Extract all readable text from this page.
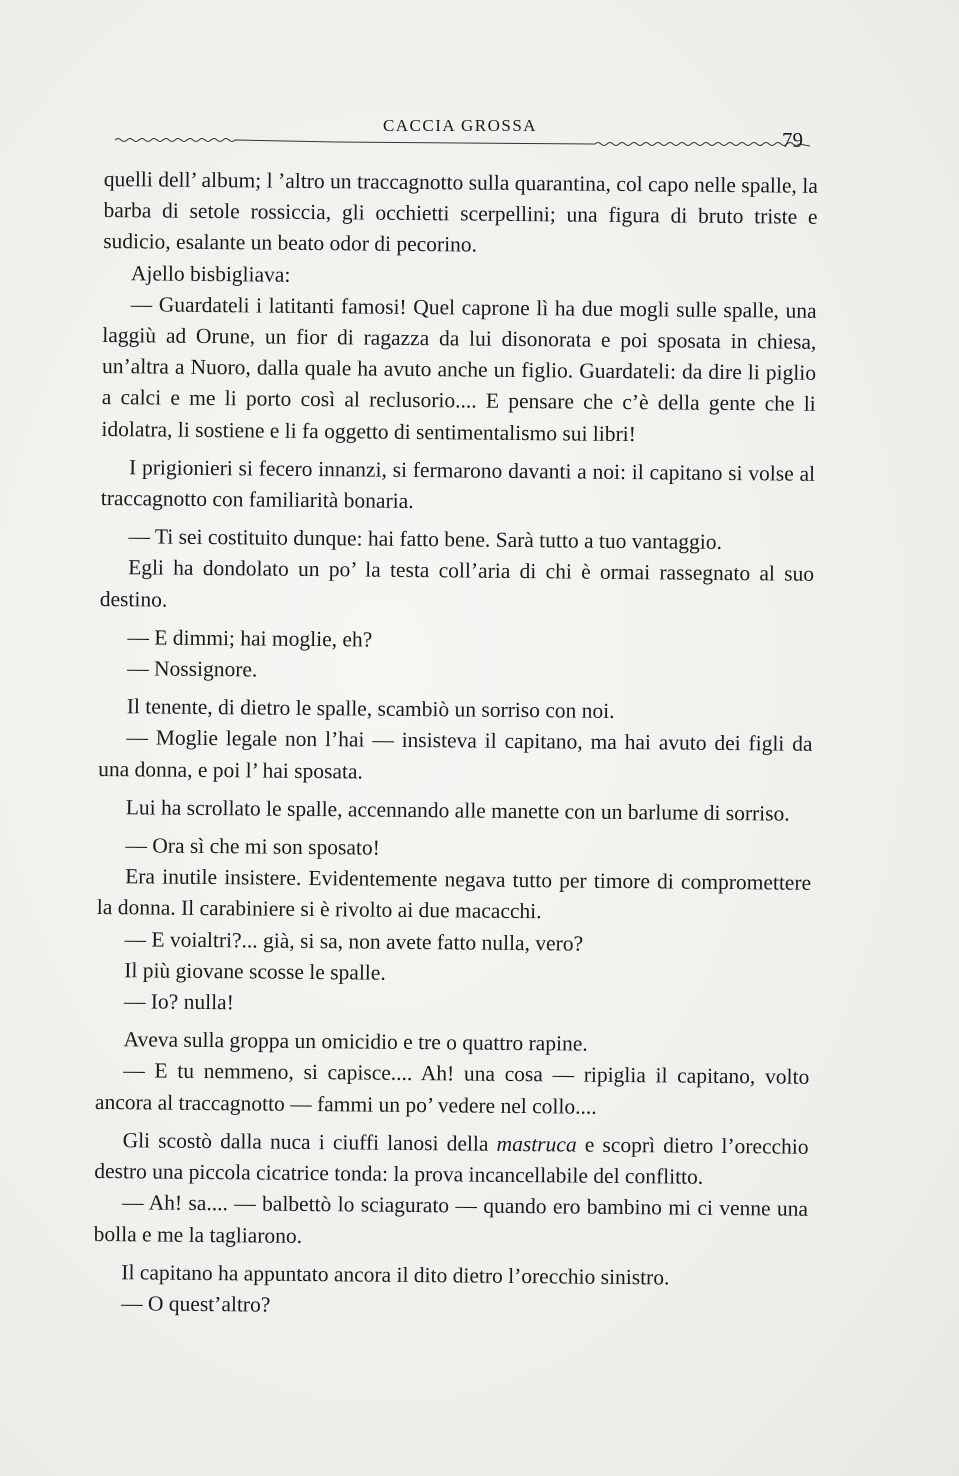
CACCIA GROSSA
79

quelli dell’ album; l ’altro un traccagnotto sulla quarantina, col capo nelle spalle, la barba di setole rossiccia, gli occhietti scerpellini; una figura di bruto triste e sudicio, esalante un beato odor di pecorino.

Ajello bisbigliava:

— Guardateli i latitanti famosi! Quel caprone lì ha due mogli sulle spalle, una laggiù ad Orune, un fior di ragazza da lui disonorata e poi sposata in chiesa, un’altra a Nuoro, dalla quale ha avuto anche un figlio. Guardateli: da dire li piglio a calci e me li porto così al reclusorio.... E pensare che c’è della gente che li idolatra, li sostiene e li fa oggetto di sentimentalismo sui libri!

I prigionieri si fecero innanzi, si fermarono davanti a noi: il capitano si volse al traccagnotto con familiarità bonaria.

— Ti sei costituito dunque: hai fatto bene. Sarà tutto a tuo vantaggio.

Egli ha dondolato un po’ la testa coll’aria di chi è ormai rassegnato al suo destino.

— E dimmi; hai moglie, eh?

— Nossignore.

Il tenente, di dietro le spalle, scambiò un sorriso con noi.

— Moglie legale non l’hai — insisteva il capitano, ma hai avuto dei figli da una donna, e poi l’ hai sposata.

Lui ha scrollato le spalle, accennando alle manette con un barlume di sorriso.

— Ora sì che mi son sposato!

Era inutile insistere. Evidentemente negava tutto per timore di compromettere la donna. Il carabiniere si è rivolto ai due macacchi.

— E voialtri?... già, si sa, non avete fatto nulla, vero?

Il più giovane scosse le spalle.

— Io? nulla!

Aveva sulla groppa un omicidio e tre o quattro rapine.

— E tu nemmeno, si capisce.... Ah! una cosa — ripiglia il capitano, volto ancora al traccagnotto — fammi un po’ vedere nel collo....

Gli scostò dalla nuca i ciuffi lanosi della mastruca e scoprì dietro l’orecchio destro una piccola cicatrice tonda: la prova incancellabile del conflitto.

— Ah! sa.... — balbettò lo sciagurato — quando ero bambino mi ci venne una bolla e me la tagliarono.

Il capitano ha appuntato ancora il dito dietro l’orecchio sinistro.

— O quest’altro?
